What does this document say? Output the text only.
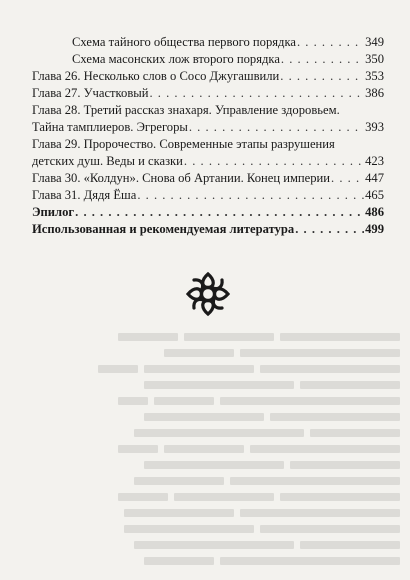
Схема тайного общества первого порядка . . .	349
Схема масонских лож второго порядка . . .	350
Глава 26. Несколько слов о Сосо Джугашвили . . .	353
Глава 27. Участковый . . .	386
Глава 28. Третий рассказ знахаря. Управление здоровьем.
Тайна тамплиеров. Эгрегоры . . .	393
Глава 29. Пророчество. Современные этапы разрушения
детских душ. Веды и сказки . . .	423
Глава 30. «Колдун». Снова об Артании. Конец империи . . .	447
Глава 31. Дядя Ёша . . .	465
Эпилог . . .	486
Использованная и рекомендуемая литература . . .	499
